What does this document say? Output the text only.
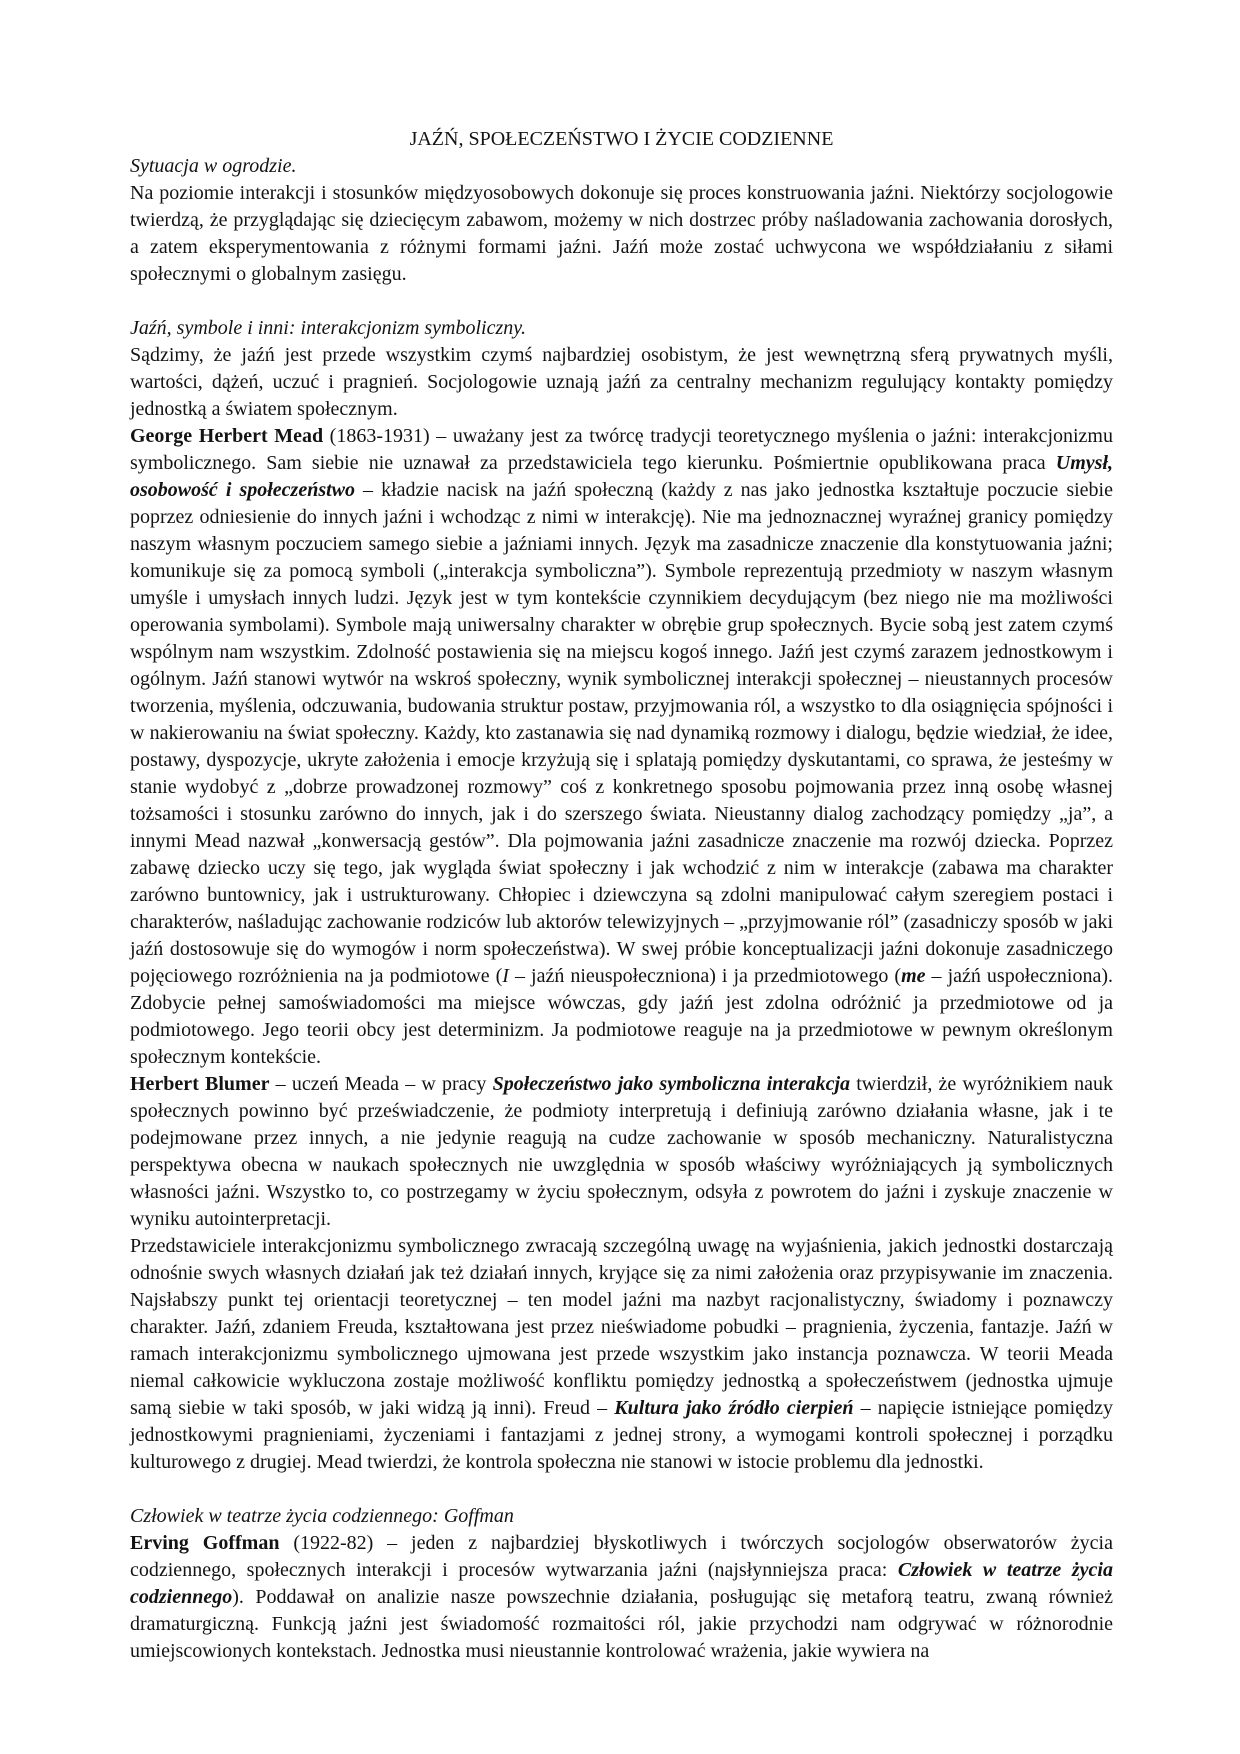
JAŹŃ, SPOŁECZEŃSTWO I ŻYCIE CODZIENNE

Sytuacja w ogrodzie.

Na poziomie interakcji i stosunków międzyosobowych dokonuje się proces konstruowania jaźni. Niektórzy socjologowie twierdzą, że przyglądając się dziecięcym zabawom, możemy w nich dostrzec próby naśladowania zachowania dorosłych, a zatem eksperymentowania z różnymi formami jaźni. Jaźń może zostać uchwycona we współdziałaniu z siłami społecznymi o globalnym zasięgu.

Jaźń, symbole i inni: interakcjonizm symboliczny.

Sądzimy, że jaźń jest przede wszystkim czymś najbardziej osobistym, że jest wewnętrzną sferą prywatnych myśli, wartości, dążeń, uczuć i pragnień. Socjologowie uznają jaźń za centralny mechanizm regulujący kontakty pomiędzy jednostką a światem społecznym.

George Herbert Mead (1863-1931) – uważany jest za twórcę tradycji teoretycznego myślenia o jaźni: interakcjonizmu symbolicznego. Sam siebie nie uznawał za przedstawiciela tego kierunku. Pośmiertnie opublikowana praca Umysł, osobowość i społeczeństwo – kładzie nacisk na jaźń społeczną (każdy z nas jako jednostka kształtuje poczucie siebie poprzez odniesienie do innych jaźni i wchodząc z nimi w interakcję). Nie ma jednoznacznej wyraźnej granicy pomiędzy naszym własnym poczuciem samego siebie a jaźniami innych. Język ma zasadnicze znaczenie dla konstytuowania jaźni; komunikuje się za pomocą symboli („interakcja symboliczna”). Symbole reprezentują przedmioty w naszym własnym umyśle i umysłach innych ludzi. Język jest w tym kontekście czynnikiem decydującym (bez niego nie ma możliwości operowania symbolami). Symbole mają uniwersalny charakter w obrębie grup społecznych. Bycie sobą jest zatem czymś wspólnym nam wszystkim. Zdolność postawienia się na miejscu kogoś innego. Jaźń jest czymś zarazem jednostkowym i ogólnym. Jaźń stanowi wytwór na wskroś społeczny, wynik symbolicznej interakcji społecznej – nieustannych procesów tworzenia, myślenia, odczuwania, budowania struktur postaw, przyjmowania ról, a wszystko to dla osiągnięcia spójności i w nakierowaniu na świat społeczny. Każdy, kto zastanawia się nad dynamiką rozmowy i dialogu, będzie wiedział, że idee, postawy, dyspozycje, ukryte założenia i emocje krzyżują się i splatają pomiędzy dyskutantami, co sprawa, że jesteśmy w stanie wydobyć z „dobrze prowadzonej rozmowy” coś z konkretnego sposobu pojmowania przez inną osobę własnej tożsamości i stosunku zarówno do innych, jak i do szerszego świata. Nieustanny dialog zachodzący pomiędzy „ja”, a innymi Mead nazwał „konwersacją gestów”. Dla pojmowania jaźni zasadnicze znaczenie ma rozwój dziecka. Poprzez zabawę dziecko uczy się tego, jak wygląda świat społeczny i jak wchodzić z nim w interakcje (zabawa ma charakter zarówno buntownicy, jak i ustrukturowany. Chłopiec i dziewczyna są zdolni manipulować całym szeregiem postaci i charakterów, naśladując zachowanie rodziców lub aktorów telewizyjnych – „przyjmowanie ról” (zasadniczy sposób w jaki jaźń dostosowuje się do wymogów i norm społeczeństwa). W swej próbie konceptualizacji jaźni dokonuje zasadniczego pojęciowego rozróżnienia na ja podmiotowe (I – jaźń nieuspołeczniona) i ja przedmiotowego (me – jaźń uspołeczniona). Zdobycie pełnej samoświadomości ma miejsce wówczas, gdy jaźń jest zdolna odróżnić ja przedmiotowe od ja podmiotowego. Jego teorii obcy jest determinizm. Ja podmiotowe reaguje na ja przedmiotowe w pewnym określonym społecznym kontekście.

Herbert Blumer – uczeń Meada – w pracy Społeczeństwo jako symboliczna interakcja twierdził, że wyróżnikiem nauk społecznych powinno być przeświadczenie, że podmioty interpretują i definiują zarówno działania własne, jak i te podejmowane przez innych, a nie jedynie reagują na cudze zachowanie w sposób mechaniczny. Naturalistyczna perspektywa obecna w naukach społecznych nie uwzględnia w sposób właściwy wyróżniających ją symbolicznych własności jaźni. Wszystko to, co postrzegamy w życiu społecznym, odsyła z powrotem do jaźni i zyskuje znaczenie w wyniku autointerpretacji.

Przedstawiciele interakcjonizmu symbolicznego zwracają szczególną uwagę na wyjaśnienia, jakich jednostki dostarczają odnośnie swych własnych działań jak też działań innych, kryjące się za nimi założenia oraz przypisywanie im znaczenia. Najsłabszy punkt tej orientacji teoretycznej – ten model jaźni ma nazbyt racjonalistyczny, świadomy i poznawczy charakter. Jaźń, zdaniem Freuda, kształtowana jest przez nieświadome pobudki – pragnienia, życzenia, fantazje. Jaźń w ramach interakcjonizmu symbolicznego ujmowana jest przede wszystkim jako instancja poznawcza. W teorii Meada niemal całkowicie wykluczona zostaje możliwość konfliktu pomiędzy jednostką a społeczeństwem (jednostka ujmuje samą siebie w taki sposób, w jaki widzą ją inni). Freud – Kultura jako źródło cierpień – napięcie istniejące pomiędzy jednostkowymi pragnieniami, życzeniami i fantazjami z jednej strony, a wymogami kontroli społecznej i porządku kulturowego z drugiej. Mead twierdzi, że kontrola społeczna nie stanowi w istocie problemu dla jednostki.

Człowiek w teatrze życia codziennego: Goffman

Erving Goffman (1922-82) – jeden z najbardziej błyskotliwych i twórczych socjologów obserwatorów życia codziennego, społecznych interakcji i procesów wytwarzania jaźni (najsłynniejsza praca: Człowiek w teatrze życia codziennego). Poddawał on analizie nasze powszechnie działania, posługując się metaforą teatru, zwaną również dramaturgiczną. Funkcją jaźni jest świadomość rozmaitości ról, jakie przychodzi nam odgrywać w różnorodnie umiejscowionych kontekstach. Jednostka musi nieustannie kontrolować wrażenia, jakie wywiera na
